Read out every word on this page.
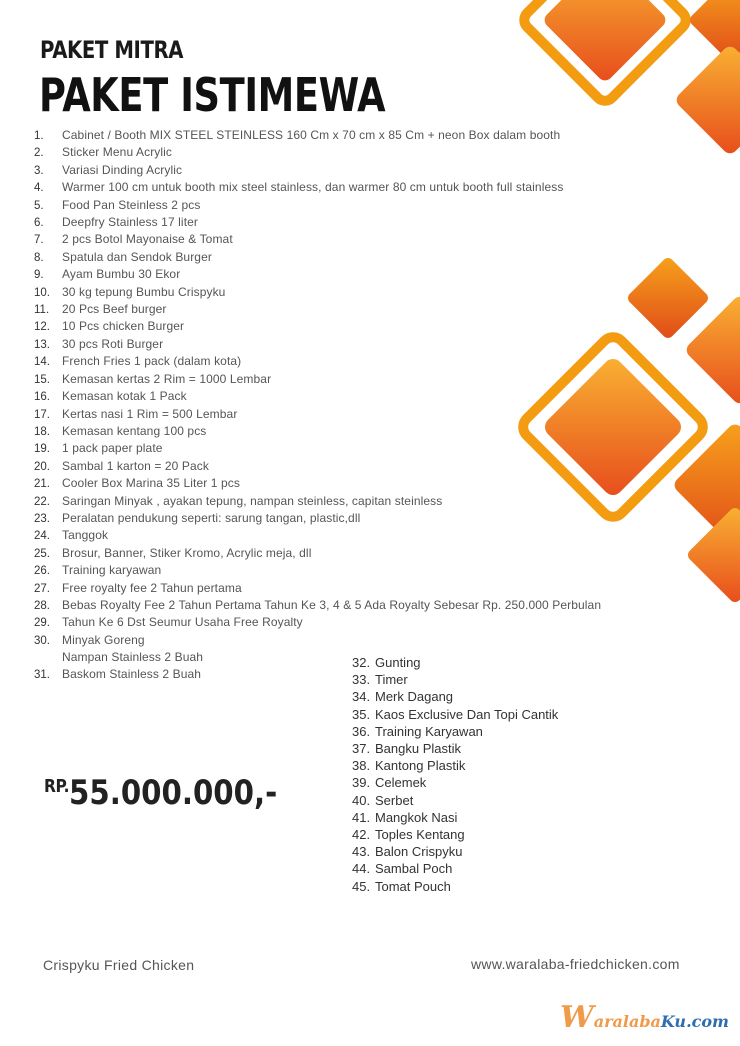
PAKET MITRA
PAKET ISTIMEWA
1. Cabinet / Booth MIX STEEL STEINLESS 160 Cm x 70 cm x 85 Cm + neon Box dalam booth
2. Sticker Menu Acrylic
3. Variasi Dinding Acrylic
4. Warmer 100 cm untuk booth mix steel stainless, dan warmer 80 cm untuk booth full stainless
5. Food Pan Steinless 2 pcs
6. Deepfry Stainless 17 liter
7. 2 pcs Botol Mayonaise & Tomat
8. Spatula dan Sendok Burger
9. Ayam Bumbu 30 Ekor
10. 30 kg tepung Bumbu Crispyku
11. 20 Pcs Beef burger
12. 10 Pcs chicken Burger
13. 30 pcs Roti Burger
14. French Fries 1 pack (dalam kota)
15. Kemasan kertas 2 Rim = 1000 Lembar
16. Kemasan kotak 1 Pack
17. Kertas nasi 1 Rim = 500 Lembar
18. Kemasan kentang 100 pcs
19. 1 pack paper plate
20. Sambal 1 karton = 20 Pack
21. Cooler Box Marina 35 Liter 1 pcs
22. Saringan Minyak , ayakan tepung, nampan steinless, capitan steinless
23. Peralatan pendukung seperti: sarung tangan, plastic,dll
24. Tanggok
25. Brosur, Banner, Stiker Kromo, Acrylic meja, dll
26. Training karyawan
27. Free royalty fee 2 Tahun pertama
28. Bebas Royalty Fee 2 Tahun Pertama Tahun Ke 3, 4 & 5 Ada Royalty Sebesar Rp. 250.000 Perbulan
29. Tahun Ke 6 Dst Seumur Usaha Free Royalty
30. Minyak Goreng
Nampan Stainless 2 Buah
31. Baskom Stainless 2 Buah
32. Gunting
33. Timer
34. Merk Dagang
35. Kaos Exclusive Dan Topi Cantik
36. Training Karyawan
37. Bangku Plastik
38. Kantong Plastik
39. Celemek
40. Serbet
41. Mangkok Nasi
42. Toples Kentang
43. Balon Crispyku
44. Sambal Poch
45. Tomat Pouch
RP.55.000.000,-
Crispyku Fried Chicken	www.waralaba-friedchicken.com
WaralabaKu.com
